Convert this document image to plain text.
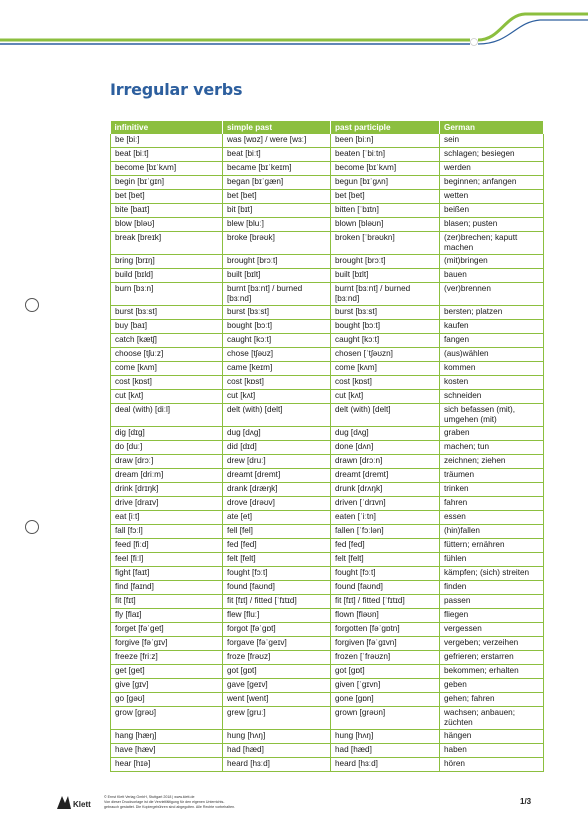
Irregular verbs
infinitive	simple past	past participle	German
be [biː]	was [wɒz] / were [wɜː]	been [biːn]	sein
beat [biːt]	beat [biːt]	beaten [ˈbiːtn]	schlagen; besiegen
become [bɪˈkʌm]	became [bɪˈkeɪm]	become [bɪˈkʌm]	werden
begin [bɪˈɡɪn]	began [bɪˈɡæn]	begun [bɪˈɡʌn]	beginnen; anfangen
bet [bet]	bet [bet]	bet [bet]	wetten
bite [baɪt]	bit [bɪt]	bitten [ˈbɪtn]	beißen
blow [bləʊ]	blew [bluː]	blown [bləʊn]	blasen; pusten
break [breɪk]	broke [brəʊk]	broken [ˈbrəʊkn]	(zer)brechen; kaputt machen
bring [brɪŋ]	brought [brɔːt]	brought [brɔːt]	(mit)bringen
build [bɪld]	built [bɪlt]	built [bɪlt]	bauen
burn [bɜːn]	burnt [bɜːnt] / burned [bɜːnd]	burnt [bɜːnt] / burned [bɜːnd]	(ver)brennen
burst [bɜːst]	burst [bɜːst]	burst [bɜːst]	bersten; platzen
buy [baɪ]	bought [bɔːt]	bought [bɔːt]	kaufen
catch [kætʃ]	caught [kɔːt]	caught [kɔːt]	fangen
choose [tʃuːz]	chose [tʃəʊz]	chosen [ˈtʃəʊzn]	(aus)wählen
come [kʌm]	came [keɪm]	come [kʌm]	kommen
cost [kɒst]	cost [kɒst]	cost [kɒst]	kosten
cut [kʌt]	cut [kʌt]	cut [kʌt]	schneiden
deal (with) [diːl]	delt (with) [delt]	delt (with) [delt]	sich befassen (mit), umgehen (mit)
dig [dɪɡ]	dug [dʌɡ]	dug [dʌɡ]	graben
do [duː]	did [dɪd]	done [dʌn]	machen; tun
draw [drɔː]	drew [druː]	drawn [drɔːn]	zeichnen; ziehen
dream [driːm]	dreamt [dremt]	dreamt [dremt]	träumen
drink [drɪŋk]	drank [dræŋk]	drunk [drʌŋk]	trinken
drive [draɪv]	drove [drəʊv]	driven [ˈdrɪvn]	fahren
eat [iːt]	ate [et]	eaten [ˈiːtn]	essen
fall [fɔːl]	fell [fel]	fallen [ˈfɔːlən]	(hin)fallen
feed [fiːd]	fed [fed]	fed [fed]	füttern; ernähren
feel [fiːl]	felt [felt]	felt [felt]	fühlen
fight [faɪt]	fought [fɔːt]	fought [fɔːt]	kämpfen; (sich) streiten
find [faɪnd]	found [faʊnd]	found [faʊnd]	finden
fit [fɪt]	fit [fɪt] / fitted [ˈfɪtɪd]	fit [fɪt] / fitted [ˈfɪtɪd]	passen
fly [flaɪ]	flew [fluː]	flown [fləʊn]	fliegen
forget [fəˈɡet]	forgot [fəˈɡɒt]	forgotten [fəˈɡɒtn]	vergessen
forgive [fəˈɡɪv]	forgave [fəˈɡeɪv]	forgiven [fəˈɡɪvn]	vergeben; verzeihen
freeze [friːz]	froze [frəʊz]	frozen [ˈfrəʊzn]	gefrieren; erstarren
get [ɡet]	got [ɡɒt]	got [ɡɒt]	bekommen; erhalten
give [ɡɪv]	gave [ɡeɪv]	given [ˈɡɪvn]	geben
go [ɡəʊ]	went [went]	gone [ɡɒn]	gehen; fahren
grow [ɡrəʊ]	grew [ɡruː]	grown [ɡrəʊn]	wachsen; anbauen; züchten
hang [hæŋ]	hung [hʌŋ]	hung [hʌŋ]	hängen
have [hæv]	had [hæd]	had [hæd]	haben
hear [hɪə]	heard [hɜːd]	heard [hɜːd]	hören
Klett
© Ernst Klett Verlag GmbH, Stuttgart 2018 | www.klett.de
Von dieser Druckvorlage ist die Vervielfältigung für den eigenen Unterrichts-
gebrauch gestattet. Die Kopiergebühren sind abgegolten. Alle Rechte vorbehalten.
1/3
